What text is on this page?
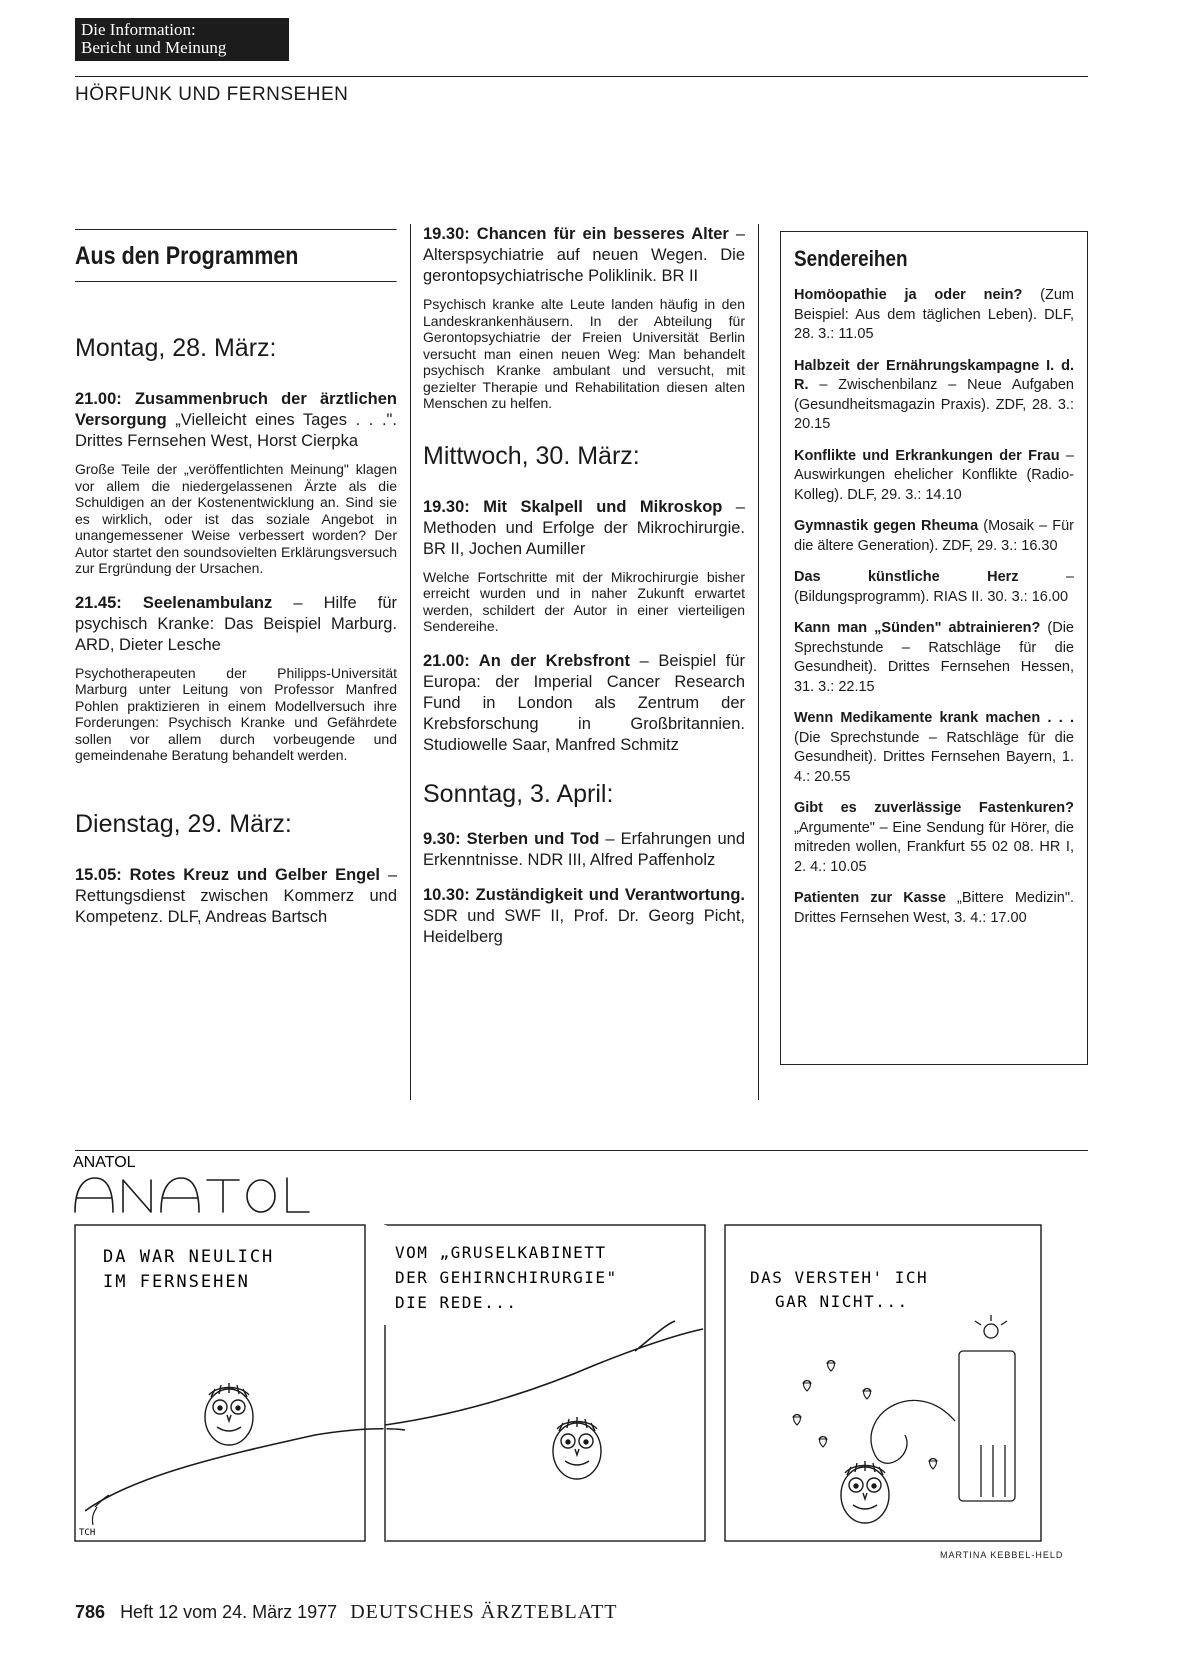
Die Information:
Bericht und Meinung
HÖRFUNK UND FERNSEHEN
Aus den Programmen
Montag, 28. März:

21.00: Zusammenbruch der ärztlichen Versorgung „Vielleicht eines Tages . . .". Drittes Fernsehen West, Horst Cierpka

Große Teile der „veröffentlichten Meinung" klagen vor allem die niedergelassenen Ärzte als die Schuldigen an der Kostenentwicklung an. Sind sie es wirklich, oder ist das soziale Angebot in unangemessener Weise verbessert worden? Der Autor startet den soundsovielten Erklärungsversuch zur Ergründung der Ursachen.

21.45: Seelenambulanz – Hilfe für psychisch Kranke: Das Beispiel Marburg. ARD, Dieter Lesche

Psychotherapeuten der Philipps-Universität Marburg unter Leitung von Professor Manfred Pohlen praktizieren in einem Modellversuch ihre Forderungen: Psychisch Kranke und Gefährdete sollen vor allem durch vorbeugende und gemeindenahe Beratung behandelt werden.

Dienstag, 29. März:

15.05: Rotes Kreuz und Gelber Engel – Rettungsdienst zwischen Kommerz und Kompetenz. DLF, Andreas Bartsch

19.30: Chancen für ein besseres Alter – Alterspsychiatrie auf neuen Wegen. Die gerontopsychiatrische Poliklinik. BR II

Psychisch kranke alte Leute landen häufig in den Landeskrankenhäusern. In der Abteilung für Gerontopsychiatrie der Freien Universität Berlin versucht man einen neuen Weg: Man behandelt psychisch Kranke ambulant und versucht, mit gezielter Therapie und Rehabilitation diesen alten Menschen zu helfen.

Mittwoch, 30. März:

19.30: Mit Skalpell und Mikroskop – Methoden und Erfolge der Mikrochirurgie. BR II, Jochen Aumiller

Welche Fortschritte mit der Mikrochirurgie bisher erreicht wurden und in naher Zukunft erwartet werden, schildert der Autor in einer vierteiligen Sendereihe.

21.00: An der Krebsfront – Beispiel für Europa: der Imperial Cancer Research Fund in London als Zentrum der Krebsforschung in Großbritannien. Studiowelle Saar, Manfred Schmitz

Sonntag, 3. April:

9.30: Sterben und Tod – Erfahrungen und Erkenntnisse. NDR III, Alfred Paffenholz

10.30: Zuständigkeit und Verantwortung. SDR und SWF II, Prof. Dr. Georg Picht, Heidelberg

Sendereihen

Homöopathie ja oder nein? (Zum Beispiel: Aus dem täglichen Leben). DLF, 28. 3.: 11.05

Halbzeit der Ernährungskampagne I. d. R. – Zwischenbilanz – Neue Aufgaben (Gesundheitsmagazin Praxis). ZDF, 28. 3.: 20.15

Konflikte und Erkrankungen der Frau – Auswirkungen ehelicher Konflikte (Radio-Kolleg). DLF, 29. 3.: 14.10

Gymnastik gegen Rheuma (Mosaik – Für die ältere Generation). ZDF, 29. 3.: 16.30

Das künstliche Herz – (Bildungsprogramm). RIAS II. 30. 3.: 16.00

Kann man „Sünden" abtrainieren? (Die Sprechstunde – Ratschläge für die Gesundheit). Drittes Fernsehen Hessen, 31. 3.: 22.15

Wenn Medikamente krank machen . . . (Die Sprechstunde – Ratschläge für die Gesundheit). Drittes Fernsehen Bayern, 1. 4.: 20.55

Gibt es zuverlässige Fastenkuren? „Argumente" – Eine Sendung für Hörer, die mitreden wollen, Frankfurt 55 02 08. HR I, 2. 4.: 10.05

Patienten zur Kasse „Bittere Medizin". Drittes Fernsehen West, 3. 4.: 17.00

ANATOL
DA WAR NEULICH
IM FERNSEHEN
TCH
VOM „GRUSELKABINETT
DER GEHIRNCHIRURGIE"
DIE REDE...
DAS VERSTEH' ICH
GAR NICHT...
MARTINA KEBBEL-HELD
786 Heft 12 vom 24. März 1977 DEUTSCHES ÄRZTEBLATT
